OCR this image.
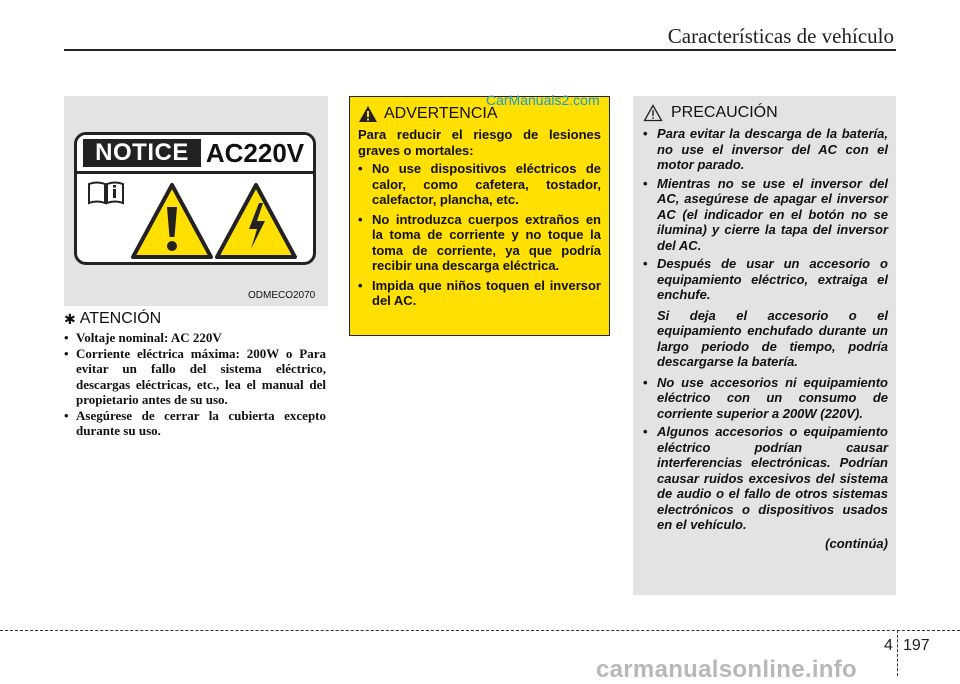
Características de vehículo
NOTICE AC220V
ODMECO2070
✱ ATENCIÓN
• Voltaje nominal: AC 220V
• Corriente eléctrica máxima: 200W o Para evitar un fallo del sistema eléctrico, descargas eléctricas, etc., lea el manual del propietario antes de su uso.
• Asegúrese de cerrar la cubierta excepto durante su uso.
ADVERTENCIA

Para reducir el riesgo de lesiones graves o mortales:

• No use dispositivos eléctricos de calor, como cafetera, tostador, calefactor, plancha, etc.
• No introduzca cuerpos extraños en la toma de corriente y no toque la toma de corriente, ya que podría recibir una descarga eléctrica.
• Impida que niños toquen el inversor del AC.
CarManuals2.com
PRECAUCIÓN
• Para evitar la descarga de la batería, no use el inversor del AC con el motor parado.
• Mientras no se use el inversor del AC, asegúrese de apagar el inversor AC (el indicador en el botón no se ilumina) y cierre la tapa del inversor del AC.
• Después de usar un accesorio o equipamiento eléctrico, extraiga el enchufe.
Si deja el accesorio o el equipamiento enchufado durante un largo periodo de tiempo, podría descargarse la batería.
• No use accesorios ni equipamiento eléctrico con un consumo de corriente superior a 200W (220V).
• Algunos accesorios o equipamiento eléctrico podrían causar interferencias electrónicas. Podrían causar ruidos excesivos del sistema de audio o el fallo de otros sistemas electrónicos o dispositivos usados en el vehículo.
(continúa)
4 197
carmanualsonline.info
